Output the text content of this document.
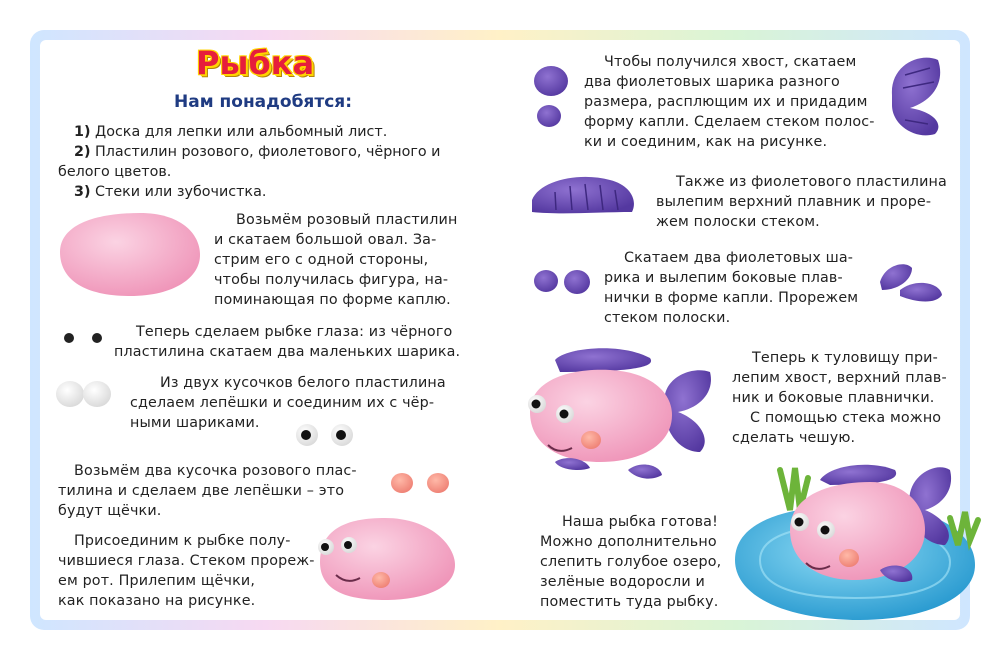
Рыбка
Нам понадобятся:
1) Доска для лепки или альбомный лист.
2) Пластилин розового, фиолетового, чёрного и
белого цветов.
3) Стеки или зубочистка.

Возьмём розовый пластилин

и скатаем большой овал. За-

стрим его с одной стороны,

чтобы получилась фигура, на-

поминающая по форме каплю.

Теперь сделаем рыбке глаза: из чёрного

пластилина скатаем два маленьких шарика.

Из двух кусочков белого пластилина

сделаем лепёшки и соединим их с чёр-

ными шариками.

Возьмём два кусочка розового плас-

тилина и сделаем две лепёшки – это

будут щёчки.

Присоединим к рыбке полу-

чившиеся глаза. Стеком прореж-

ем рот. Прилепим щёчки,

как показано на рисунке.

Чтобы получился хвост, скатаем

два фиолетовых шарика разного

размера, расплющим их и придадим

форму капли. Сделаем стеком полос-

ки и соединим, как на рисунке.

Также из фиолетового пластилина

вылепим верхний плавник и проре-

жем полоски стеком.

Скатаем два фиолетовых ша-

рика и вылепим боковые плав-

нички в форме капли. Прорежем

стеком полоски.

Теперь к туловищу при-

лепим хвост, верхний плав-

ник и боковые плавнички.

С помощью стека можно

сделать чешую.

Наша рыбка готова!

Можно дополнительно

слепить голубое озеро,

зелёные водоросли и

поместить туда рыбку.
